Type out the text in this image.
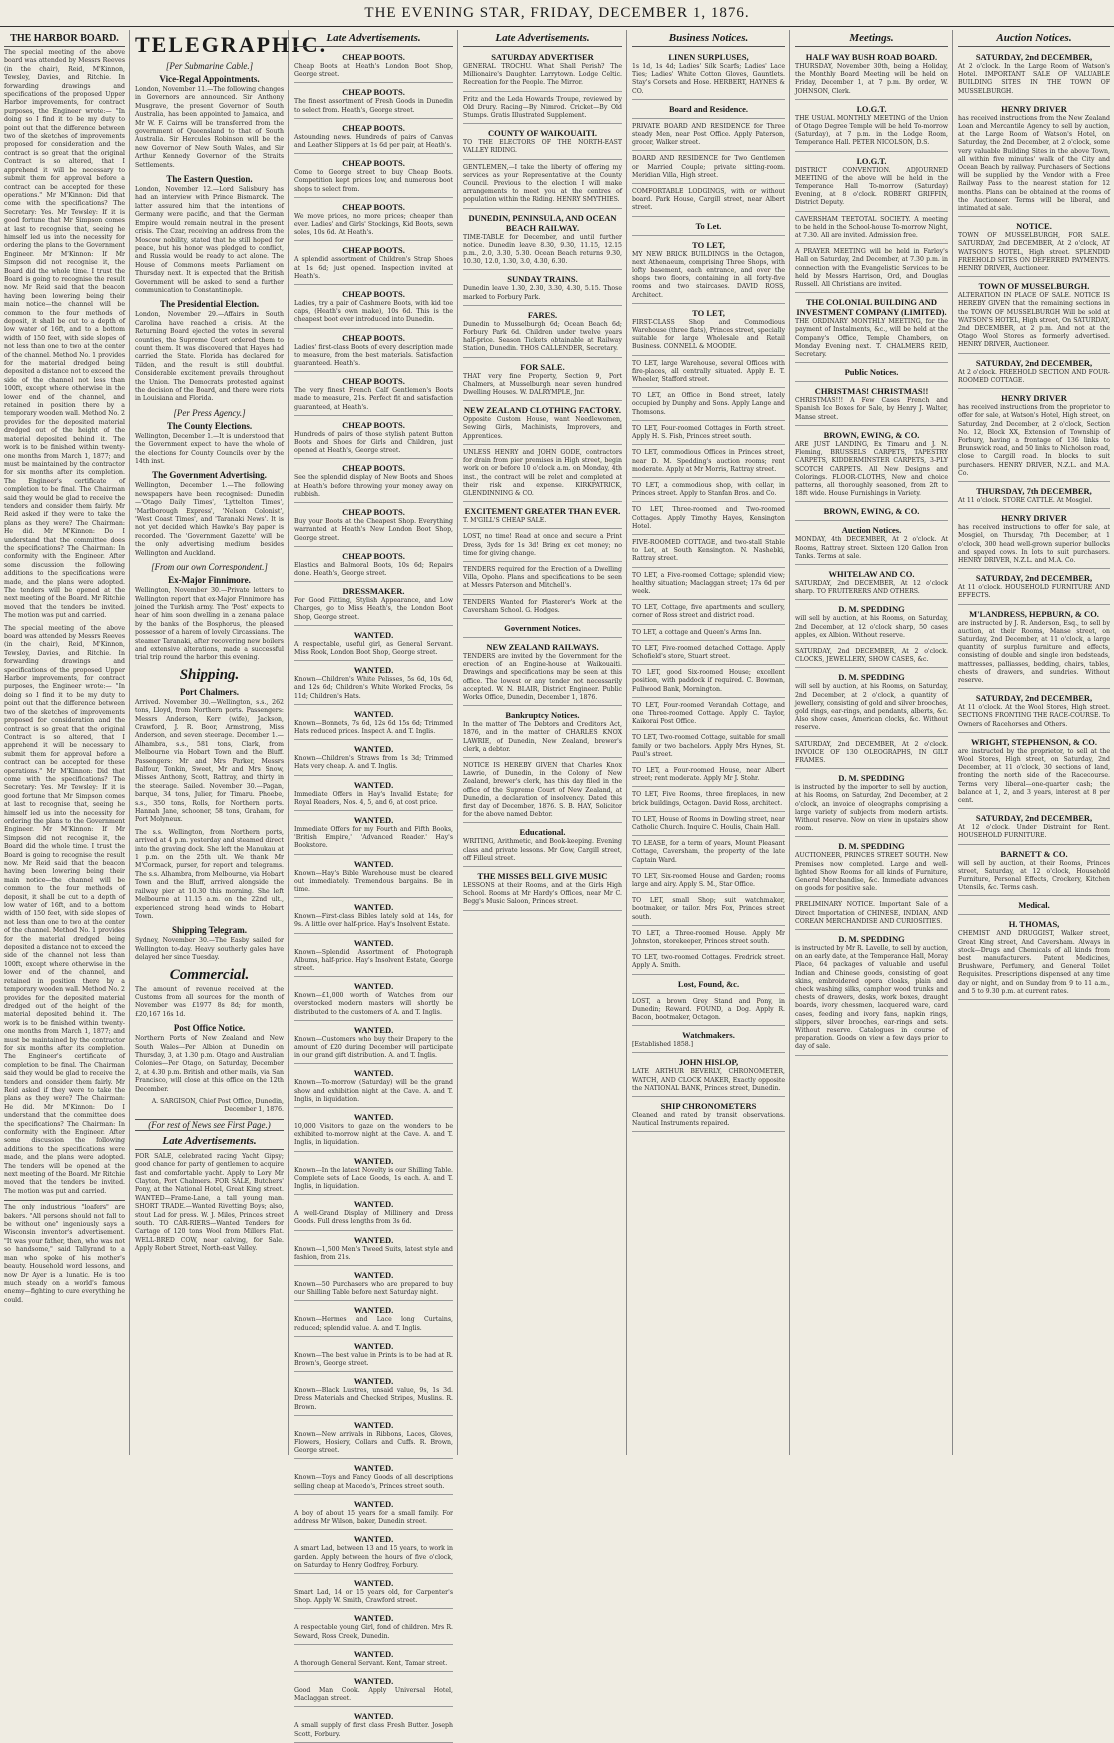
THE EVENING STAR, FRIDAY, DECEMBER 1, 1876.
THE HARBOR BOARD.

The special meeting of the above board was attended by Messrs Reeves (in the chair), Reid, M'Kinnon, Tewsley, Davies, and Ritchie. In forwarding drawings and specifications of the proposed Upper Harbor improvements, for contract purposes, the Engineer wrote:— "In doing so I find it to be my duty to point out that the difference between two of the sketches of improvements proposed for consideration and the contract is so great that the original Contract is so altered, that I apprehend it will be necessary to submit them for approval before a contract can be accepted for these operations." Mr M'Kinnon: Did that come with the specifications? The Secretary: Yes. Mr Tewsley: If it is good fortune that Mr Simpson comes at last to recognise that, seeing he himself led us into the necessity for ordering the plans to the Government Engineer. Mr M'Kinnon: If Mr Simpson did not recognise it, the Board did the whole time. I trust the Board is going to recognise the result now. Mr Reid said that the beacon having been lowering being their main notice—the channel will be common to the four methods of deposit, it shall be cut to a depth of low water of 16ft, and to a bottom width of 150 feet, with side slopes of not less than one to two at the center of the channel. Method No. 1 provides for the material dredged being deposited a distance not to exceed the side of the channel not less than 100ft, except where otherwise in the lower end of the channel, and retained in position there by a temporary wooden wall. Method No. 2 provides for the deposited material dredged out of the height of the material deposited behind it. The work is to be finished within twenty-one months from March 1, 1877; and must be maintained by the contractor for six months after its completion. The Engineer's certificate of completion to be final. The Chairman said they would be glad to receive the tenders and consider them fairly. Mr Reid asked if they were to take the plans as they were? The Chairman: He did. Mr M'Kinnon: Do I understand that the committee does the specifications? The Chairman: In conformity with the Engineer. After some discussion the following additions to the specifications were made, and the plans were adopted. The tenders will be opened at the next meeting of the Board. Mr Ritchie moved that the tenders be invited. The motion was put and carried.

The special meeting of the above board was attended by Messrs Reeves (in the chair), Reid, M'Kinnon, Tewsley, Davies, and Ritchie. In forwarding drawings and specifications of the proposed Upper Harbor improvements, for contract purposes, the Engineer wrote:— "In doing so I find it to be my duty to point out that the difference between two of the sketches of improvements proposed for consideration and the contract is so great that the original Contract is so altered, that I apprehend it will be necessary to submit them for approval before a contract can be accepted for these operations." Mr M'Kinnon: Did that come with the specifications? The Secretary: Yes. Mr Tewsley: If it is good fortune that Mr Simpson comes at last to recognise that, seeing he himself led us into the necessity for ordering the plans to the Government Engineer. Mr M'Kinnon: If Mr Simpson did not recognise it, the Board did the whole time. I trust the Board is going to recognise the result now. Mr Reid said that the beacon having been lowering being their main notice—the channel will be common to the four methods of deposit, it shall be cut to a depth of low water of 16ft, and to a bottom width of 150 feet, with side slopes of not less than one to two at the center of the channel. Method No. 1 provides for the material dredged being deposited a distance not to exceed the side of the channel not less than 100ft, except where otherwise in the lower end of the channel, and retained in position there by a temporary wooden wall. Method No. 2 provides for the deposited material dredged out of the height of the material deposited behind it. The work is to be finished within twenty-one months from March 1, 1877; and must be maintained by the contractor for six months after its completion. The Engineer's certificate of completion to be final. The Chairman said they would be glad to receive the tenders and consider them fairly. Mr Reid asked if they were to take the plans as they were? The Chairman: He did. Mr M'Kinnon: Do I understand that the committee does the specifications? The Chairman: In conformity with the Engineer. After some discussion the following additions to the specifications were made, and the plans were adopted. The tenders will be opened at the next meeting of the Board. Mr Ritchie moved that the tenders be invited. The motion was put and carried.

The only industrious "loafers" are bakers. "All persons should not fall to be without one" ingeniously says a Wisconsin inventor's advertisement. "It was your father, then, who was not so handsome," said Tallyrand to a man who spoke of his mother's beauty. Household word lessons, and now Dr Ayer is a lunatic. He is too much steady on a world's famous enemy—fighting to cure everything he could.

TELEGRAPHIC.
[Per Submarine Cable.]
Vice-Regal Appointments.

London, November 11.—The following changes in Governors are announced. Sir Anthony Musgrave, the present Governor of South Australia, has been appointed to Jamaica, and Mr W. F. Cairns will be transferred from the government of Queensland to that of South Australia. Sir Hercules Robinson will be the new Governor of New South Wales, and Sir Arthur Kennedy Governor of the Straits Settlements.

The Eastern Question.

London, November 12.—Lord Salisbury has had an interview with Prince Bismarck. The latter assured him that the intentions of Germany were pacific, and that the German Empire would remain neutral in the present crisis. The Czar, receiving an address from the Moscow nobility, stated that he still hoped for peace, but his honor was pledged to conflict, and Russia would be ready to act alone. The House of Commons meets Parliament on Thursday next. It is expected that the British Government will be asked to send a further communication to Constantinople.

The Presidential Election.

London, November 29.—Affairs in South Carolina have reached a crisis. At the Returning Board ejected the votes in several counties, the Supreme Court ordered them to count them. It was discovered that Hayes had carried the State. Florida has declared for Tilden, and the result is still doubtful. Considerable excitement prevails throughout the Union. The Democrats protested against the decision of the Board, and there were riots in Louisiana and Florida.

[Per Press Agency.]
The County Elections.

Wellington, December 1.—It is understood that the Government expect to have the whole of the elections for County Councils over by the 14th inst.

The Government Advertising.

Wellington, December 1.—The following newspapers have been recognised: Dunedin—'Otago Daily Times', 'Lyttelton Times', 'Marlborough Express', 'Nelson Colonist', 'West Coast Times', and 'Taranaki News'. It is not yet decided which Hawke's Bay paper is recorded. The 'Government Gazette' will be the only advertising medium besides Wellington and Auckland.

[From our own Correspondent.]
Ex-Major Finnimore.

Wellington, November 30.—Private letters to Wellington report that ex-Major Finnimore has joined the Turkish army. The 'Post' expects to hear of him soon dwelling in a zenana palace by the banks of the Bosphorus, the pleased possessor of a harem of lovely Circassians. The steamer Taranaki, after recovering new boilers and extensive alterations, made a successful trial trip round the harbor this evening.

Shipping.
Port Chalmers.

Arrived. November 30.—Wellington, s.s., 262 tons, Lloyd, from Northern ports. Passengers: Messrs Anderson, Kerr (wife), Jackson, Crawford, J. R. Boor, Armstrong, Miss Anderson, and seven steerage. December 1.—Alhambra, s.s., 581 tons, Clark, from Melbourne via Hobart Town and the Bluff. Passengers: Mr and Mrs Parker, Messrs Balfour, Tonkin, Sweet, Mr and Mrs Snow, Misses Anthony, Scott, Rattray, and thirty in the steerage. Sailed. November 30.—Pagan, barque, 34 tons, Julier, for Timaru. Phoebe, s.s., 350 tons, Rolls, for Northern ports. Hannah Jane, schooner, 58 tons, Graham, for Port Molyneux.

The s.s. Wellington, from Northern ports, arrived at 4 p.m. yesterday and steamed direct into the graving dock. She left the Manukau at 1 p.m. on the 25th ult. We thank Mr M'Cormack, purser, for report and telegrams. The s.s. Alhambra, from Melbourne, via Hobart Town and the Bluff, arrived alongside the railway pier at 10.30 this morning. She left Melbourne at 11.15 a.m. on the 22nd ult., experienced strong head winds to Hobart Town.

Shipping Telegram.

Sydney, November 30.—The Easby sailed for Wellington to-day. Heavy southerly gales have delayed her since Tuesday.

Commercial.

The amount of revenue received at the Customs from all sources for the month of November was £1977 8s 8d; for month, £20,167 16s 1d.

Post Office Notice.

Northern Ports of New Zealand and New South Wales—Per Albion at Dunedin on Thursday, 3, at 1.30 p.m. Otago and Australian Colonies—Per Otago, on Saturday, December 2, at 4.30 p.m. British and other mails, via San Francisco, will close at this office on the 12th December.

A. SARGISON, Chief Post Office, Dunedin, December 1, 1876.

(For rest of News see First Page.)
Late Advertisements.

FOR SALE, celebrated racing Yacht Gipsy; good chance for party of gentlemen to acquire fast and comfortable yacht. Apply to Lory Mr Clayton, Port Chalmers. FOR SALE, Butchers' Pony, at the National Hotel, Great King street. WANTED—Frame-Lane, a tall young man. SHORT TRADE.—Wanted Rivetting Boys; also, stout Lad for press. W. J. Miles, Princes street south. TO CAR-RIERS—Wanted Tenders for Cartage of 120 tons Wool from Millers Flat. WELL-BRED COW, near calving, for Sale. Apply Robert Street, North-east Valley.

Late Advertisements.
CHEAP BOOTS.
Cheap Boots at Heath's London Boot Shop, George street.
CHEAP BOOTS.
The finest assortment of Fresh Goods in Dunedin to select from. Heath's, George street.
CHEAP BOOTS.
Astounding news. Hundreds of pairs of Canvas and Leather Slippers at 1s 6d per pair, at Heath's.
CHEAP BOOTS.
Come to George street to buy Cheap Boots. Competition kept prices low, and numerous boot shops to select from.
CHEAP BOOTS.
We move prices, no more prices; cheaper than ever. Ladies' and Girls' Stockings, Kid Boots, sewn soles, 10s 6d. At Heath's.
CHEAP BOOTS.
A splendid assortment of Children's Strap Shoes at 1s 6d; just opened. Inspection invited at Heath's.
CHEAP BOOTS.
Ladies, try a pair of Cashmere Boots, with kid toe caps, (Heath's own make), 10s 6d. This is the cheapest boot ever introduced into Dunedin.
CHEAP BOOTS.
Ladies' first-class Boots of every description made to measure, from the best materials. Satisfaction guaranteed. Heath's.
CHEAP BOOTS.
The very finest French Calf Gentlemen's Boots made to measure, 21s. Perfect fit and satisfaction guaranteed, at Heath's.
CHEAP BOOTS.
Hundreds of pairs of those stylish patent Button Boots and Shoes for Girls and Children, just opened at Heath's, George street.
CHEAP BOOTS.
See the splendid display of New Boots and Shoes at Heath's before throwing your money away on rubbish.
CHEAP BOOTS.
Buy your Boots at the Cheapest Shop. Everything warranted at Heath's New London Boot Shop, George street.
CHEAP BOOTS.
Elastics and Balmoral Boots, 10s 6d; Repairs done. Heath's, George street.
DRESSMAKER.
For Good Fitting, Stylish Appearance, and Low Charges, go to Miss Heath's, the London Boot Shop, George street.
WANTED.
A respectable, useful girl, as General Servant. Miss Rook, London Boot Shop, George street.
WANTED.
Known—Children's White Pelisses, 5s 6d, 10s 6d, and 12s 6d; Children's White Worked Frocks, 5s 11d; Children's Hats.
WANTED.
Known—Bonnets, 7s 6d, 12s 6d 15s 6d; Trimmed Hats reduced prices. Inspect A. and T. Inglis.
WANTED.
Known—Children's Straws from 1s 3d; Trimmed Hats very cheap. A. and T. Inglis.
WANTED.
Immediate Offers in Hay's Invalid Estate; for Royal Readers, Nos. 4, 5, and 6, at cost price.
WANTED.
Immediate Offers for my Fourth and Fifth Books, 'British Empire,' 'Advanced Reader.' Hay's Bookstore.
WANTED.
Known—Hay's Bible Warehouse must be cleared out immediately. Tremendous bargains. Be in time.
WANTED.
Known—First-class Bibles lately sold at 14s, for 9s. A little over half-price. Hay's Insolvent Estate.
WANTED.
Known—Splendid Assortment of Photograph Albums, half-price. Hay's Insolvent Estate, George street.
WANTED.
Known—£1,000 worth of Watches from our overstocked modern masters will shortly be distributed to the customers of A. and T. Inglis.
WANTED.
Known—Customers who buy their Drapery to the amount of £20 during December will participate in our grand gift distribution. A. and T. Inglis.
WANTED.
Known—To-morrow (Saturday) will be the grand show and exhibition night at the Cave. A. and T. Inglis, in liquidation.
WANTED.
10,000 Visitors to gaze on the wonders to be exhibited to-morrow night at the Cave. A. and T. Inglis, in liquidation.
WANTED.
Known—In the latest Novelty is our Shilling Table. Complete sets of Lace Goods, 1s each. A. and T. Inglis, in liquidation.
WANTED.
A well-Grand Display of Millinery and Dress Goods. Full dress lengths from 3s 6d.
WANTED.
Known—1,500 Men's Tweed Suits, latest style and fashion, from 21s.
WANTED.
Known—50 Purchasers who are prepared to buy our Shilling Table before next Saturday night.
WANTED.
Known—Hermes and Lace long Curtains, reduced; splendid value. A. and T. Inglis.
WANTED.
Known—The best value in Prints is to be had at R. Brown's, George street.
WANTED.
Known—Black Lustres, unsaid value, 9s, 1s 3d. Dress Materials and Checked Stripes, Muslins. R. Brown.
WANTED.
Known—New arrivals in Ribbons, Laces, Gloves, Flowers, Hosiery, Collars and Cuffs. R. Brown, George street.
WANTED.
Known—Toys and Fancy Goods of all descriptions selling cheap at Macedo's, Princes street south.
WANTED.
A boy of about 15 years for a small family. For address Mr Wilson, baker, Dunedin street.
WANTED.
A smart Lad, between 13 and 15 years, to work in garden. Apply between the hours of five o'clock, on Saturday to Henry Godfrey, Forbury.
WANTED.
Smart Lad, 14 or 15 years old, for Carpenter's Shop. Apply W. Smith, Crawford street.
WANTED.
A respectable young Girl, fond of children. Mrs R. Seward, Ross Creek, Dunedin.
WANTED.
A thorough General Servant. Kent, Tamar street.
WANTED.
Good Man Cook. Apply Universal Hotel, Maclaggan street.
WANTED.
A small supply of first class Fresh Butter. Joseph Scott, Forbury.
Late Advertisements.
SATURDAY ADVERTISER
GENERAL TROCHU. What Shall Perish? The Millionaire's Daughter. Larrytown. Lodge Celtic. Recreation for the People. The Mirror.
Fritz and the Leda Howards Troupe, reviewed by Old Drury. Racing—By Nimrod. Cricket—By Old Stumps. Gratis Illustrated Supplement.
COUNTY OF WAIKOUAITI.
TO THE ELECTORS OF THE NORTH-EAST VALLEY RIDING.
GENTLEMEN,—I take the liberty of offering my services as your Representative at the County Council. Previous to the election I will make arrangements to meet you at the centres of population within the Riding. HENRY SMYTHIES.
DUNEDIN, PENINSULA, AND OCEAN BEACH RAILWAY.
TIME-TABLE for December, and until further notice. Dunedin leave 8.30, 9.30, 11.15, 12.15 p.m., 2.0, 3.30, 5.30. Ocean Beach returns 9.30, 10.30, 12.0, 1.30, 3.0, 4.30, 6.30.
SUNDAY TRAINS.
Dunedin leave 1.30, 2.30, 3.30, 4.30, 5.15. Those marked to Forbury Park.
FARES.
Dunedin to Musselburgh 6d; Ocean Beach 6d; Forbury Park 6d. Children under twelve years half-price. Season Tickets obtainable at Railway Station, Dunedin. THOS CALLENDER, Secretary.
FOR SALE.
THAT very fine Property, Section 9, Port Chalmers, at Musselburgh near seven hundred Dwelling Houses. W. DALRYMPLE, Jnr.
NEW ZEALAND CLOTHING FACTORY.
Opposite Custom House, want Needlewomen, Sewing Girls, Machinists, Improvers, and Apprentices.
UNLESS HENRY and JOHN GODE, contractors for drain from pier premises in High street, begin work on or before 10 o'clock a.m. on Monday, 4th inst., the contract will be relet and completed at their risk and expense. KIRKPATRICK, GLENDINNING & CO.
EXCITEMENT GREATER THAN EVER.
T. M'GILL'S CHEAP SALE.
LOST, no time! Read at once and secure a Print Dress, 3yds for 1s 3d! Bring ex cet money; no time for giving change.
TENDERS required for the Erection of a Dwelling Villa, Opoho. Plans and specifications to be seen at Messrs Paterson and Mitchell's.
TENDERS Wanted for Plasterer's Work at the Caversham School. G. Hodges.
Government Notices.
NEW ZEALAND RAILWAYS.
TENDERS are invited by the Government for the erection of an Engine-house at Waikouaiti. Drawings and specifications may be seen at this office. The lowest or any tender not necessarily accepted. W. N. BLAIR, District Engineer. Public Works Office, Dunedin, December 1, 1876.
Bankruptcy Notices.
In the matter of The Debtors and Creditors Act, 1876, and in the matter of CHARLES KNOX LAWRIE, of Dunedin, New Zealand, brewer's clerk, a debtor.
NOTICE IS HEREBY GIVEN that Charles Knox Lawrie, of Dunedin, in the Colony of New Zealand, brewer's clerk, has this day filed in the office of the Supreme Court of New Zealand, at Dunedin, a declaration of insolvency. Dated this first day of December, 1876. S. B. HAY, Solicitor for the above named Debtor.
Educational.
WRITING, Arithmetic, and Book-keeping. Evening class and private lessons. Mr Gow, Cargill street, off Filleul street.
THE MISSES BELL GIVE MUSIC
LESSONS at their Rooms, and at the Girls High School. Rooms at Mr Hardy's Offices, near Mr C. Begg's Music Saloon, Princes street.
Business Notices.
LINEN SURPLUSES,
1s 1d, 1s 4d; Ladies' Silk Scarfs; Ladies' Lace Ties; Ladies' White Cotton Gloves, Gauntlets. Stay's Corsets and Hose. HERBERT, HAYNES & CO.
Board and Residence.
PRIVATE BOARD AND RESIDENCE for Three steady Men, near Post Office. Apply Paterson, grocer, Walker street.
BOARD AND RESIDENCE for Two Gentlemen or Married Couple; private sitting-room. Meridian Villa, High street.
COMFORTABLE LODGINGS, with or without board. Park House, Cargill street, near Albert street.
To Let.
TO LET,
MY NEW BRICK BUILDINGS in the Octagon, next Athenaeum, comprising Three Shops, with lofty basement, each entrance, and over the shops two floors, containing in all forty-five rooms and two staircases. DAVID ROSS, Architect.
TO LET,
FIRST-CLASS Shop and Commodious Warehouse (three flats), Princes street, specially suitable for large Wholesale and Retail Business. CONNELL & MOODIE.
TO LET, large Warehouse, several Offices with fire-places, all centrally situated. Apply E. T. Wheeler, Stafford street.
TO LET, an Office in Bond street, lately occupied by Dunphy and Sons. Apply Lange and Thomsons.
TO LET, Four-roomed Cottages in Forth street. Apply H. S. Fish, Princes street south.
TO LET, commodious Offices in Princes street, near D. M. Spedding's auction rooms; rent moderate. Apply at Mr Morris, Rattray street.
TO LET, a commodious shop, with cellar, in Princes street. Apply to Stanfan Bros. and Co.
TO LET, Three-roomed and Two-roomed Cottages. Apply Timothy Hayes, Kensington Hotel.
FIVE-ROOMED COTTAGE, and two-stall Stable to Let, at South Kensington. N. Nashebki, Rattray street.
TO LET, a Five-roomed Cottage; splendid view; healthy situation; Maclaggan street; 17s 6d per week.
TO LET, Cottage, five apartments and scullery, corner of Ross street and district road.
TO LET, a cottage and Queen's Arms Inn.
TO LET, Five-roomed detached Cottage. Apply Schofield's store, Stuart street.
TO LET, good Six-roomed House; excellent position, with paddock if required. C. Bowman, Fullwood Bank, Mornington.
TO LET, Four-roomed Verandah Cottage, and one Three-roomed Cottage. Apply C. Taylor, Kaikorai Post Office.
TO LET, Two-roomed Cottage, suitable for small family or two bachelors. Apply Mrs Hynes, St. Paul's street.
TO LET, a Four-roomed House, near Albert street; rent moderate. Apply Mr J. Stohr.
TO LET, Five Rooms, three fireplaces, in new brick buildings, Octagon. David Ross, architect.
TO LET, House of Rooms in Dowling street, near Catholic Church. Inquire C. Houlis, Chain Hall.
TO LEASE, for a term of years, Mount Pleasant Cottage, Caversham, the property of the late Captain Ward.
TO LET, Six-roomed House and Garden; rooms large and airy. Apply S. M., Star Office.
TO LET, small Shop; suit watchmaker, bootmaker, or tailor. Mrs Fox, Princes street south.
TO LET, a Three-roomed House. Apply Mr Johnston, storekeeper, Princes street south.
TO LET, two-roomed Cottages. Fredrick street. Apply A. Smith.
Lost, Found, &c.
LOST, a brown Grey Stand and Pony, in Dunedin; Reward. FOUND, a Dog. Apply R. Bacon, bootmaker, Octagon.
Watchmakers.
[Established 1858.]
JOHN HISLOP,
LATE ARTHUR BEVERLY, CHRONOMETER, WATCH, AND CLOCK MAKER, Exactly opposite the NATIONAL BANK, Princes street, Dunedin.
SHIP CHRONOMETERS
Cleaned and rated by transit observations. Nautical Instruments repaired.
Meetings.
HALF WAY BUSH ROAD BOARD.
THURSDAY, November 30th, being a Holiday, the Monthly Board Meeting will be held on Friday, December 1, at 7 p.m. By order, W. JOHNSON, Clerk.
I.O.G.T.
THE USUAL MONTHLY MEETING of the Union of Otago Degree Temple will be held To-morrow (Saturday), at 7 p.m. in the Lodge Room, Temperance Hall. PETER NICOLSON, D.S.
I.O.G.T.
DISTRICT CONVENTION. ADJOURNED MEETING of the above will be held in the Temperance Hall To-morrow (Saturday) Evening, at 8 o'clock. ROBERT GRIFFIN, District Deputy.
CAVERSHAM TEETOTAL SOCIETY. A meeting to be held in the School-house To-morrow Night, at 7.30. All are invited. Admission free.
A PRAYER MEETING will be held in Farley's Hall on Saturday, 2nd December, at 7.30 p.m. in connection with the Evangelistic Services to be held by Messrs Harrison, Ord, and Douglas Russell. All Christians are invited.
THE COLONIAL BUILDING AND INVESTMENT COMPANY (LIMITED).
THE ORDINARY MONTHLY MEETING, for the payment of Instalments, &c., will be held at the Company's Office, Temple Chambers, on Monday Evening next. T. CHALMERS REID, Secretary.
Public Notices.
CHRISTMAS! CHRISTMAS!!
CHRISTMAS!!! A Few Cases French and Spanish Ice Boxes for Sale, by Henry J. Walter, Manse street.
BROWN, EWING, & CO.
ARE JUST LANDING, Ex Timaru and J. N. Fleming, BRUSSELS CARPETS, TAPESTRY CARPETS, KIDDERMINSTER CARPETS, 3-PLY SCOTCH CARPETS. All New Designs and Colorings. FLOOR-CLOTHS, New and choice patterns, all thoroughly seasoned, from 2ft to 18ft wide. House Furnishings in Variety.
BROWN, EWING, & CO.
Auction Notices.
MONDAY, 4th DECEMBER, At 2 o'clock. At Rooms, Rattray street. Sixteen 120 Gallon Iron Tanks. Terms at sale.
WHITELAW AND CO.
SATURDAY, 2nd DECEMBER, At 12 o'clock sharp. TO FRUITERERS AND OTHERS.
D. M. SPEDDING
will sell by auction, at his Rooms, on Saturday, 2nd December, at 12 o'clock sharp, 50 cases apples, ex Albion. Without reserve.
SATURDAY, 2nd DECEMBER, At 2 o'clock. CLOCKS, JEWELLERY, SHOW CASES, &c.
D. M. SPEDDING
will sell by auction, at his Rooms, on Saturday, 2nd December, at 2 o'clock, a quantity of jewellery, consisting of gold and silver brooches, gold rings, ear-rings, and pendants, alberts, &c. Also show cases, American clocks, &c. Without reserve.
SATURDAY, 2nd DECEMBER, At 2 o'clock. INVOICE OF 130 OLEOGRAPHS, IN GILT FRAMES.
D. M. SPEDDING
is instructed by the importer to sell by auction, at his Rooms, on Saturday, 2nd December, at 2 o'clock, an invoice of oleographs comprising a large variety of subjects from modern artists. Without reserve. Now on view in upstairs show room.
D. M. SPEDDING
AUCTIONEER, PRINCES STREET SOUTH. New Premises now completed. Large and well-lighted Show Rooms for all kinds of Furniture, General Merchandise, &c. Immediate advances on goods for positive sale.
PRELIMINARY NOTICE. Important Sale of a Direct Importation of CHINESE, INDIAN, AND COREAN MERCHANDISE AND CURIOSITIES.
D. M. SPEDDING
is instructed by Mr R. Lavelle, to sell by auction, on an early date, at the Temperance Hall, Moray Place, 64 packages of valuable and useful Indian and Chinese goods, consisting of goat skins, embroidered opera cloaks, plain and check washing silks, camphor wood trunks and chests of drawers, desks, work boxes, draught boards, ivory chessmen, lacquered ware, card cases, feeding and ivory fans, napkin rings, slippers, silver brooches, ear-rings and sets. Without reserve. Catalogues in course of preparation. Goods on view a few days prior to day of sale.
Auction Notices.
SATURDAY, 2nd DECEMBER,
At 2 o'clock. In the Large Room of Watson's Hotel. IMPORTANT SALE OF VALUABLE BUILDING SITES IN THE TOWN OF MUSSELBURGH.
HENRY DRIVER
has received instructions from the New Zealand Loan and Mercantile Agency to sell by auction, at the Large Room of Watson's Hotel, on Saturday, the 2nd December, at 2 o'clock, some very valuable Building Sites in the above Town, all within five minutes' walk of the City and Ocean Beach by railway. Purchasers of Sections will be supplied by the Vendor with a Free Railway Pass to the nearest station for 12 months. Plans can be obtained at the rooms of the Auctioneer. Terms will be liberal, and intimated at sale.
NOTICE.
TOWN OF MUSSELBURGH, FOR SALE. SATURDAY, 2nd DECEMBER, At 2 o'clock, AT WATSON'S HOTEL, High street. SPLENDID FREEHOLD SITES ON DEFERRED PAYMENTS. HENRY DRIVER, Auctioneer.
TOWN OF MUSSELBURGH.
ALTERATION IN PLACE OF SALE. NOTICE IS HEREBY GIVEN that the remaining sections in the TOWN OF MUSSELBURGH Will be sold at WATSON'S HOTEL, High street, On SATURDAY, 2nd DECEMBER, at 2 p.m. And not at the Otago Wool Stores as formerly advertised. HENRY DRIVER, Auctioneer.
SATURDAY, 2nd DECEMBER,
At 2 o'clock. FREEHOLD SECTION AND FOUR-ROOMED COTTAGE.
HENRY DRIVER
has received instructions from the proprietor to offer for sale, at Watson's Hotel, High street, on Saturday, 2nd December, at 2 o'clock, Section No. 12, Block XX, Extension of Township of Forbury, having a frontage of 136 links to Brunswick road, and 50 links to Nicholson road, close to Cargill road. In blocks to suit purchasers. HENRY DRIVER, N.Z.L. and M.A. Co.
THURSDAY, 7th DECEMBER,
At 11 o'clock. STORE CATTLE. At Mosgiel.
HENRY DRIVER
has received instructions to offer for sale, at Mosgiel, on Thursday, 7th December, at 1 o'clock, 300 head well-grown superior bullocks and spayed cows. In lots to suit purchasers. HENRY DRIVER, N.Z.L. and M.A. Co.
SATURDAY, 2nd DECEMBER,
At 11 o'clock. HOUSEHOLD FURNITURE AND EFFECTS.
M'LANDRESS, HEPBURN, & CO.
are instructed by J. R. Anderson, Esq., to sell by auction, at their Rooms, Manse street, on Saturday, 2nd December, at 11 o'clock, a large quantity of surplus furniture and effects, consisting of double and single iron bedsteads, mattresses, palliasses, bedding, chairs, tables, chests of drawers, and sundries. Without reserve.
SATURDAY, 2nd DECEMBER,
At 11 o'clock. At the Wool Stores, High street. SECTIONS FRONTING THE RACE-COURSE. To Owners of Racehorses and Others.
WRIGHT, STEPHENSON, & CO.
are instructed by the proprietor, to sell at the Wool Stores, High street, on Saturday, 2nd December, at 11 o'clock, 30 sections of land, fronting the north side of the Racecourse. Terms very liberal—one-quarter cash; the balance at 1, 2, and 3 years, interest at 8 per cent.
SATURDAY, 2nd DECEMBER,
At 12 o'clock. Under Distraint for Rent. HOUSEHOLD FURNITURE.
BARNETT & CO.
will sell by auction, at their Rooms, Princes street, Saturday, at 12 o'clock, Household Furniture, Personal Effects, Crockery, Kitchen Utensils, &c. Terms cash.
Medical.
H. THOMAS,
CHEMIST AND DRUGGIST, Walker street, Great King street, And Caversham. Always in stock—Drugs and Chemicals of all kinds from best manufacturers. Patent Medicines, Brushware, Perfumery, and General Toilet Requisites. Prescriptions dispensed at any time day or night, and on Sunday from 9 to 11 a.m., and 5 to 9.30 p.m. at current rates.
